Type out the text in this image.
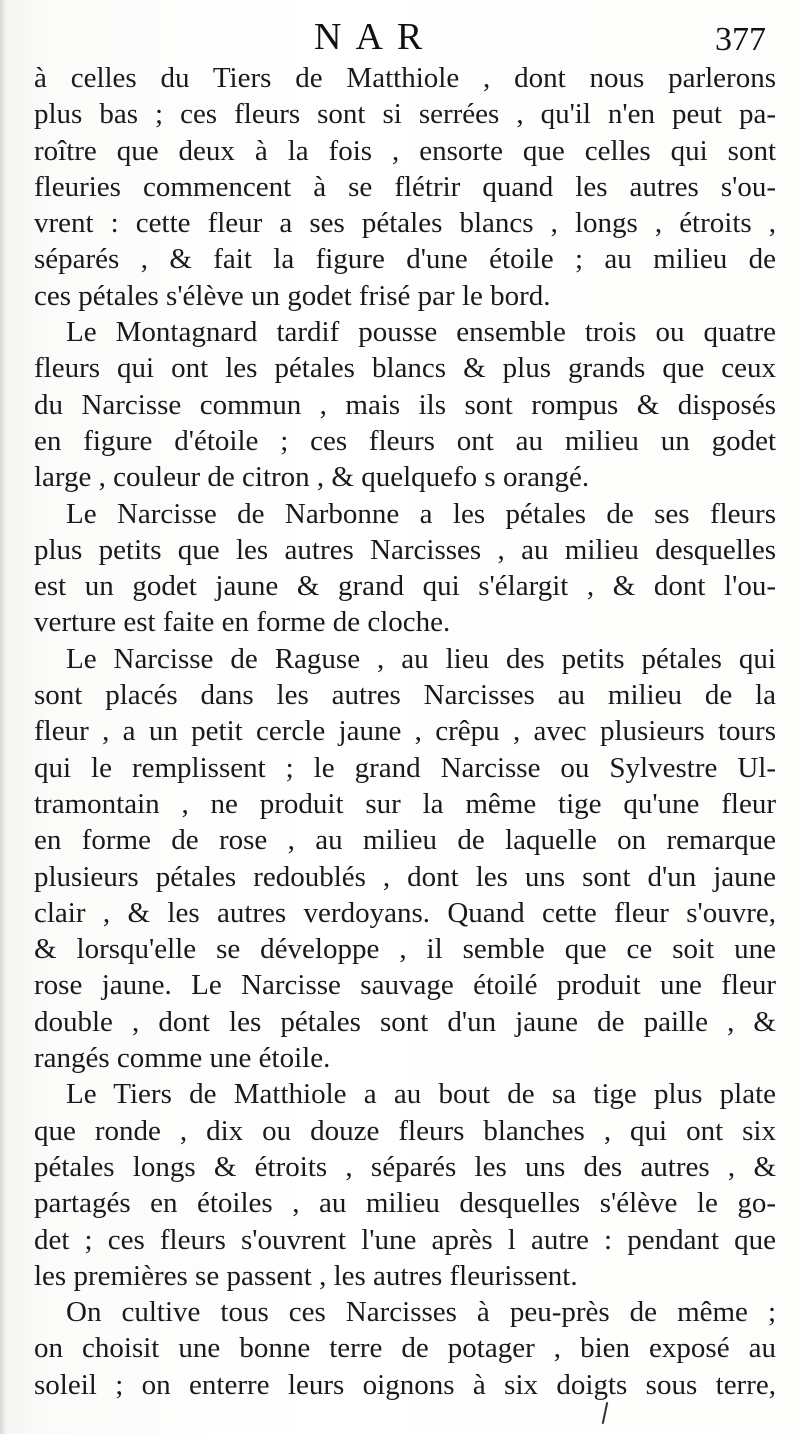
NAR	377
à celles du Tiers de Matthiole , dont nous parlerons
plus bas ; ces fleurs sont si serrées , qu'il n'en peut pa-
roître que deux à la fois , ensorte que celles qui sont
fleuries commencent à se flétrir quand les autres s'ou-
vrent : cette fleur a ses pétales blancs , longs , étroits ,
séparés , & fait la figure d'une étoile ; au milieu de
ces pétales s'élève un godet frisé par le bord.
Le Montagnard tardif pousse ensemble trois ou quatre
fleurs qui ont les pétales blancs & plus grands que ceux
du Narcisse commun , mais ils sont rompus & disposés
en figure d'étoile ; ces fleurs ont au milieu un godet
large , couleur de citron , & quelquefo s orangé.
Le Narcisse de Narbonne a les pétales de ses fleurs
plus petits que les autres Narcisses , au milieu desquelles
est un godet jaune & grand qui s'élargit , & dont l'ou-
verture est faite en forme de cloche.
Le Narcisse de Raguse , au lieu des petits pétales qui
sont placés dans les autres Narcisses au milieu de la
fleur , a un petit cercle jaune , crêpu , avec plusieurs tours
qui le remplissent ; le grand Narcisse ou Sylvestre Ul-
tramontain , ne produit sur la même tige qu'une fleur
en forme de rose , au milieu de laquelle on remarque
plusieurs pétales redoublés , dont les uns sont d'un jaune
clair , & les autres verdoyans. Quand cette fleur s'ouvre,
& lorsqu'elle se développe , il semble que ce soit une
rose jaune. Le Narcisse sauvage étoilé produit une fleur
double , dont les pétales sont d'un jaune de paille , &
rangés comme une étoile.
Le Tiers de Matthiole a au bout de sa tige plus plate
que ronde , dix ou douze fleurs blanches , qui ont six
pétales longs & étroits , séparés les uns des autres , &
partagés en étoiles , au milieu desquelles s'élève le go-
det ; ces fleurs s'ouvrent l'une après l autre : pendant que
les premières se passent , les autres fleurissent.
On cultive tous ces Narcisses à peu-près de même ;
on choisit une bonne terre de potager , bien exposé au
soleil ; on enterre leurs oignons à six doigts sous terre,
